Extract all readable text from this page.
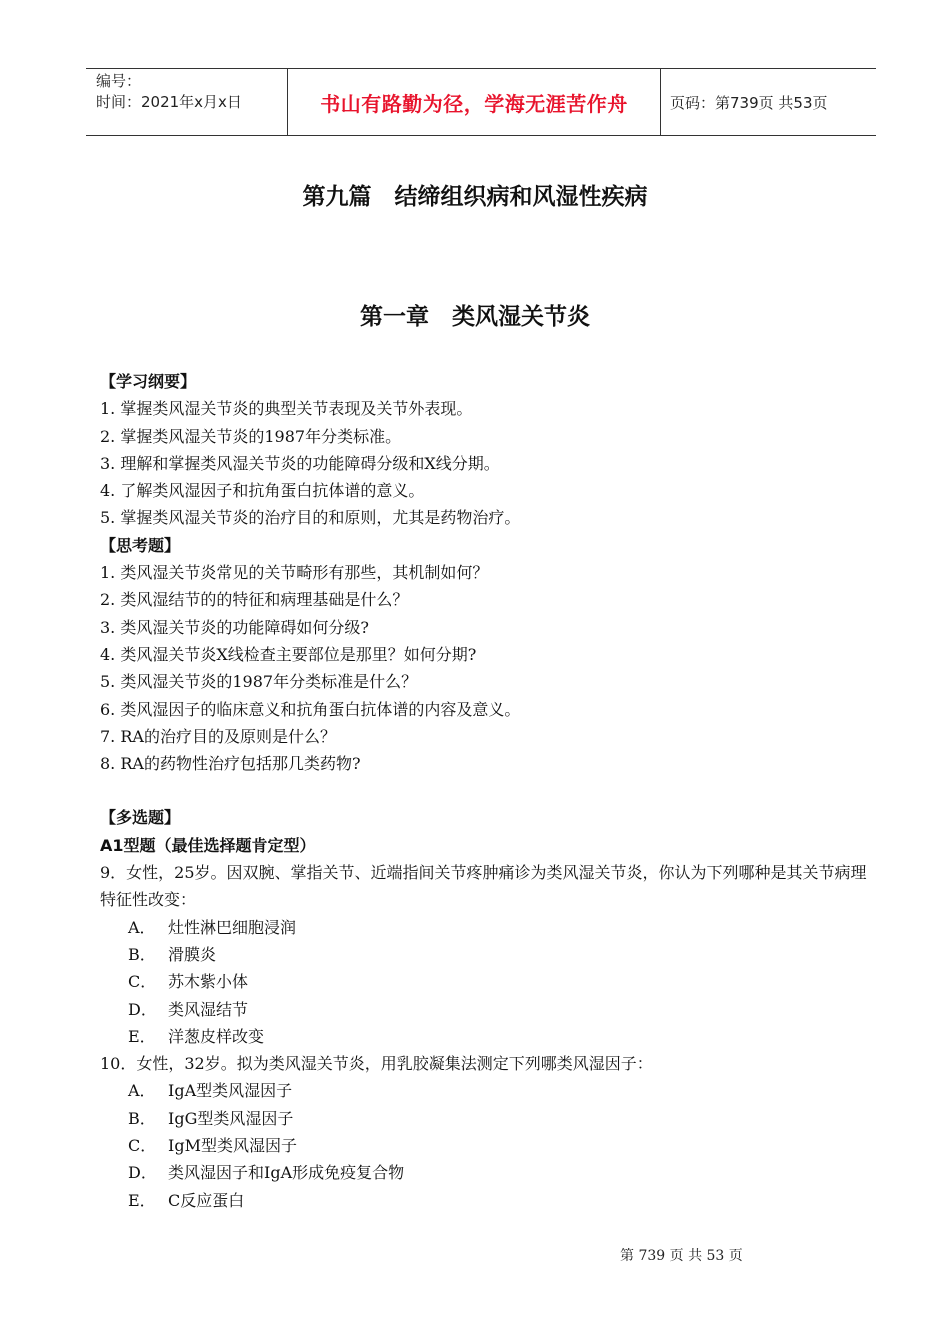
编号：
时间：2021年x月x日	书山有路勤为径，学海无涯苦作舟	页码：第739页 共53页
第九篇　结缔组织病和风湿性疾病
第一章　类风湿关节炎
【学习纲要】
1. 掌握类风湿关节炎的典型关节表现及关节外表现。
2. 掌握类风湿关节炎的1987年分类标准。
3. 理解和掌握类风湿关节炎的功能障碍分级和X线分期。
4. 了解类风湿因子和抗角蛋白抗体谱的意义。
5. 掌握类风湿关节炎的治疗目的和原则，尤其是药物治疗。
【思考题】
1. 类风湿关节炎常见的关节畸形有那些，其机制如何？
2. 类风湿结节的的特征和病理基础是什么？
3. 类风湿关节炎的功能障碍如何分级?
4. 类风湿关节炎X线检查主要部位是那里？如何分期?
5. 类风湿关节炎的1987年分类标准是什么？
6. 类风湿因子的临床意义和抗角蛋白抗体谱的内容及意义。
7. RA的治疗目的及原则是什么？
8. RA的药物性治疗包括那几类药物?
【多选题】
A1型题（最佳选择题肯定型）
9．女性，25岁。因双腕、掌指关节、近端指间关节疼肿痛诊为类风湿关节炎，你认为下列哪种是其关节病理特征性改变：
A． 灶性淋巴细胞浸润
B． 滑膜炎
C． 苏木紫小体
D． 类风湿结节
E． 洋葱皮样改变
10．女性，32岁。拟为类风湿关节炎，用乳胶凝集法测定下列哪类风湿因子：
A． IgA型类风湿因子
B． IgG型类风湿因子
C． IgM型类风湿因子
D． 类风湿因子和IgA形成免疫复合物
E． C反应蛋白
第 739 页 共 53 页
